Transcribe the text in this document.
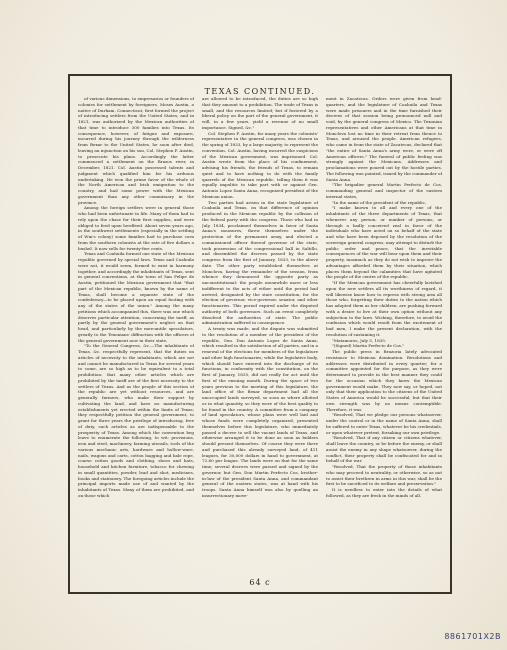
TEXAS CONTINUED.

of various dimensions, to empresarios or founders of colonies for settlement by foreigners. Moses Austin, a native of Durham, Connecticut, first formed the project of introducing settlers from the United States; and in 1821, was authorized by the Mexican authorities of that time to introduce 300 families into Texas. Its consequence, however, of fatigue and exposure, incurred during his journey through the wilderness from Bexar to the United States, he soon after died, leaving an injunction on his son, Col. Stephen F. Austin, to prosecute his plans. Accordingly the latter commenced a settlement on the Brazos river, in December, 1821. Col. Austin possessed talents and judgment which qualified him for his arduous undertaking. He won the prime favor of the whole of the North American and Irish emigration to the country, and had some power with the Mexican government than any other commissary in the province.

Among the foreign settlers were in general those who had been unfortunate in life. Many of them had to rely upon the chase for their first supplies, and were obliged to feed upon herdfeed. About seven years ago, in the southwest settlements (especially in the settling of Wm's colony) some families had to purchase corn from the southern colonists at the rate of five dollars a bushel. It now sells for twenty-five cents.

Texas and Coahuila formed one state of the Mexican republic governed by special laws. Texas and Coahuila were not, it would seem, formed to exist in harmony together, and accordingly the inhabitants of Texas, sent in general conventions, at the town of San Felipe de Austin, petitioned the Mexican government that "that part of the Mexican republic, known by the name of Texas, shall become a separate state of the confederacy—to be placed upon an equal footing with any of the states of the union." Among the many petitions which accompanied this, there was one which deserves particular attention, concerning the tariff, as partly by the general government's neglect on that head, and particularly by the mercantile speculators, greatly to the Texonians' diffraction with the officers of the general government now in their state,

"To the General Congress, &c.—The inhabitants of Texas, &c. respectfully represent, that the duties on articles of necessity to the inhabitants, which are not and cannot be manufactured in Texas for several years to come, are so high as to be equivalent to a total prohibition: that many other articles which are prohibited by the tariff are of the first necessity to the settlers of Texas. And as the people of this section of the republic are yet without resources, and are generally farmers, who make their support by cultivating the land, and have no manufacturing establishments yet erected within the limits of Texas; they respectfully petition the general government, to grant for three years the privilege of introducing, free of duty, such articles as are indispensable to the prosperity of Texas. Among which the convention beg leave to enumerate the following, to wit: provisions, iron and steel, machinery, farming utensils, tools of the various mechanic arts, hardware and hollow-ware, nails, wagons and carts, cotton bagging and bale rope, coarse cotton goods and clothing, shoes and hats, household and kitchen furniture, tobacco for chewing in small quantities, powder, lead and shot, medicines, books and stationery. The foregoing articles include the principal imports made use of and wanted by the inhabitants of Texas. Many of them are prohibited, and on those which

are allowed to be introduced, the duties are so high that they amount to a prohibition. The trade of Texas is small, and the resources limited; but if fostered by a liberal policy on the part of the general government, it will, in a few years, yield a revenue of no small importance. Signed, &c."

Col. Stephen F. Austin, for many years the colonists' representative in the general congress, was chosen in the spring of 1833, by a large majority, to represent the convention. Col. Austin, having incurred the suspicions of the Mexican government, was imprisoned. Col. Austin wrote from the place of his confinement, advising his friends, the friends of Texas, to remain quiet and to have nothing to do with the family quarrels of the Mexican republic, telling them it was equally impolitic to take part with or against Gen. Antonio Lopez Santa Anna, recognized president of the Mexican union.

Two parties had arisen in the state legislature of Coahuila and Texas, on that difference of opinion produced in the Mexican republic by the collision of the federal party with the congress. Those who had in July, 1834, proclaimed themselves in favor of Santa Anna's measures, threw themselves under the protection of the permanent army, and elected a commissioned officer thereof governor of the state, took possession of the congressional hall in Saltillo, and dissembled the decrees passed by the state congress from the first of January, 1833, to the above date. The other party established themselves at Monclova, having the remainder of the session, from whence they denounced the opposite party as unconstitutional: the people meanwhile more or less indifferent to the acts of either until the period had arrived, designated by the state constitution, for the election of governor, vice-governor, senator, and other functionaries. This period expired under the disputed authority of both governors. Such an event completely dissolved the authorities of state. The public administration suffered in consequence.

A treaty was made, and the dispute was submitted to the resolution of a member of the president of the republic, Gen. Don Antonio Lopez de Santa Anna; which resulted in the satisfaction of all parties, and in a renewal of the elections for members of the legislature and other high functionaries; while the legislative body, which should have entered into the discharge of its functions, in conformity with the constitution, on the first of January, 1835, did not really for act until the first of the ensuing month. During the space of two years previous to the meeting of this legislature, the land office of the Bexar department had all the unoccupied lands surveyed, so soon as where allotted or in what quantity, so they were of the best quality to be found in the country. A committee from a company of land speculators, whose plans were well laid and whose funds were completely organized, presented themselves before this legislature, who immediately passed a decree to sell the vacant lands of Texas, and otherwise arranged it to be done as soon as bidders should present themselves. Of course they were there and purchased this already surveyed land, of 411 leagues, for 30,000 dollars in hand to government, at 72.60 per league. The lands were on that for the same time; several decrees were passed and signed by the governor, but Gen. Don Martin Perfecto Cos, brother-in-law of the president Santa Anna, and commandant general of the eastern states, was at hand with his troops. Santa Anna himself was also by quelling an insurrectionary move-

ment in Zacatecas. Orders were given from head-quarters, and the legislature of Coahuila and Texas were made prisoners and in the time furnished their decrees of that session being pronounced null and void, by the general congress of Mexico. The Texonian representatives and other Americans at that time in Monclova lost no time in their retreat from thence to Texas, and aroused the people. American refugees, who came in from the state of Zacatecas, declared that "the entire of Santa Anna's army were, or were off American officers." The funeral of public feeling was strongly against the Mexicans. Addresses and proclamations were poured out by the hostile parties. The following was pointed, issued by the commander of Santa Anna.

"The brigadier general Martin Perfecto de Cos, commanding general and inspector of the eastern internal states,

"In the name of the president of the republic,

"I make known to all and every one of the inhabitants of the three departments of Texas, that whenever any person, or number of persons, or through a badly conceived zeal in favor of the individuals who have acted on so behalf of the state and who have been deposed by the resolution of the sovereign general congress, may attempt to disturb the public order and peace, that the inevitable consequences of the war will bear upon them and their property, inasmuch as they do not wish to improve the advantages afforded them by their situation, which places them beyond the calamities that have agitated the people of the centre of the republic.

"If the Mexican government has cheerfully lavished upon the new settlers all its worthiness of regard, it will likewise know how to repress with strong arm all those who, forgetting their duties to the nation which has adopted them as her children, are pushing forward with a desire to live at their own option without any subjection to the laws. Wishing, therefore, to avoid the confusion which would result from the excitement of bad men, I make the present declaration, with the resolution of sustaining it.

"Matamoros, July 5, 1835.

"(Signed) Martin Perfecto de Cos."

The public press in Brazoria lately advocated resistance to Mexican domination. Resolutions and addresses were distributed in every quarter; for a committee appointed for the purpose, as they were determined to provide in the best manner they could for the occasion which they knew the Mexican government would make. They now say, or hoped, not only that their application to the citizens of the United States of America would be successful, but that their own strength was by no means contemptible. Therefore, it was

"Resolved, That we pledge our persons whatsoever, under the control or in the name of Santa Anna, shall be suffered to enter Texas, whatever be his credentials, or upon whatever pretext, forsaking our own privilege.

"Resolved, That if any citizen or citizens whatever, shall leave the country, or be before the enemy, or shall assist the enemy in any shape whatsoever, during the conflict, their property shall be confiscated for and in behalf of the war.

"Resolved, That the property of those inhabitants who may proceed to neutrality, or otherwise, so as not to assist their brethren in arms in this war, shall be the first to be sacrificed to its welfare and preservation."

It is needless to enter into the details of what followed, as they are fresh in the minds of all.

64 c
8861701X2B
